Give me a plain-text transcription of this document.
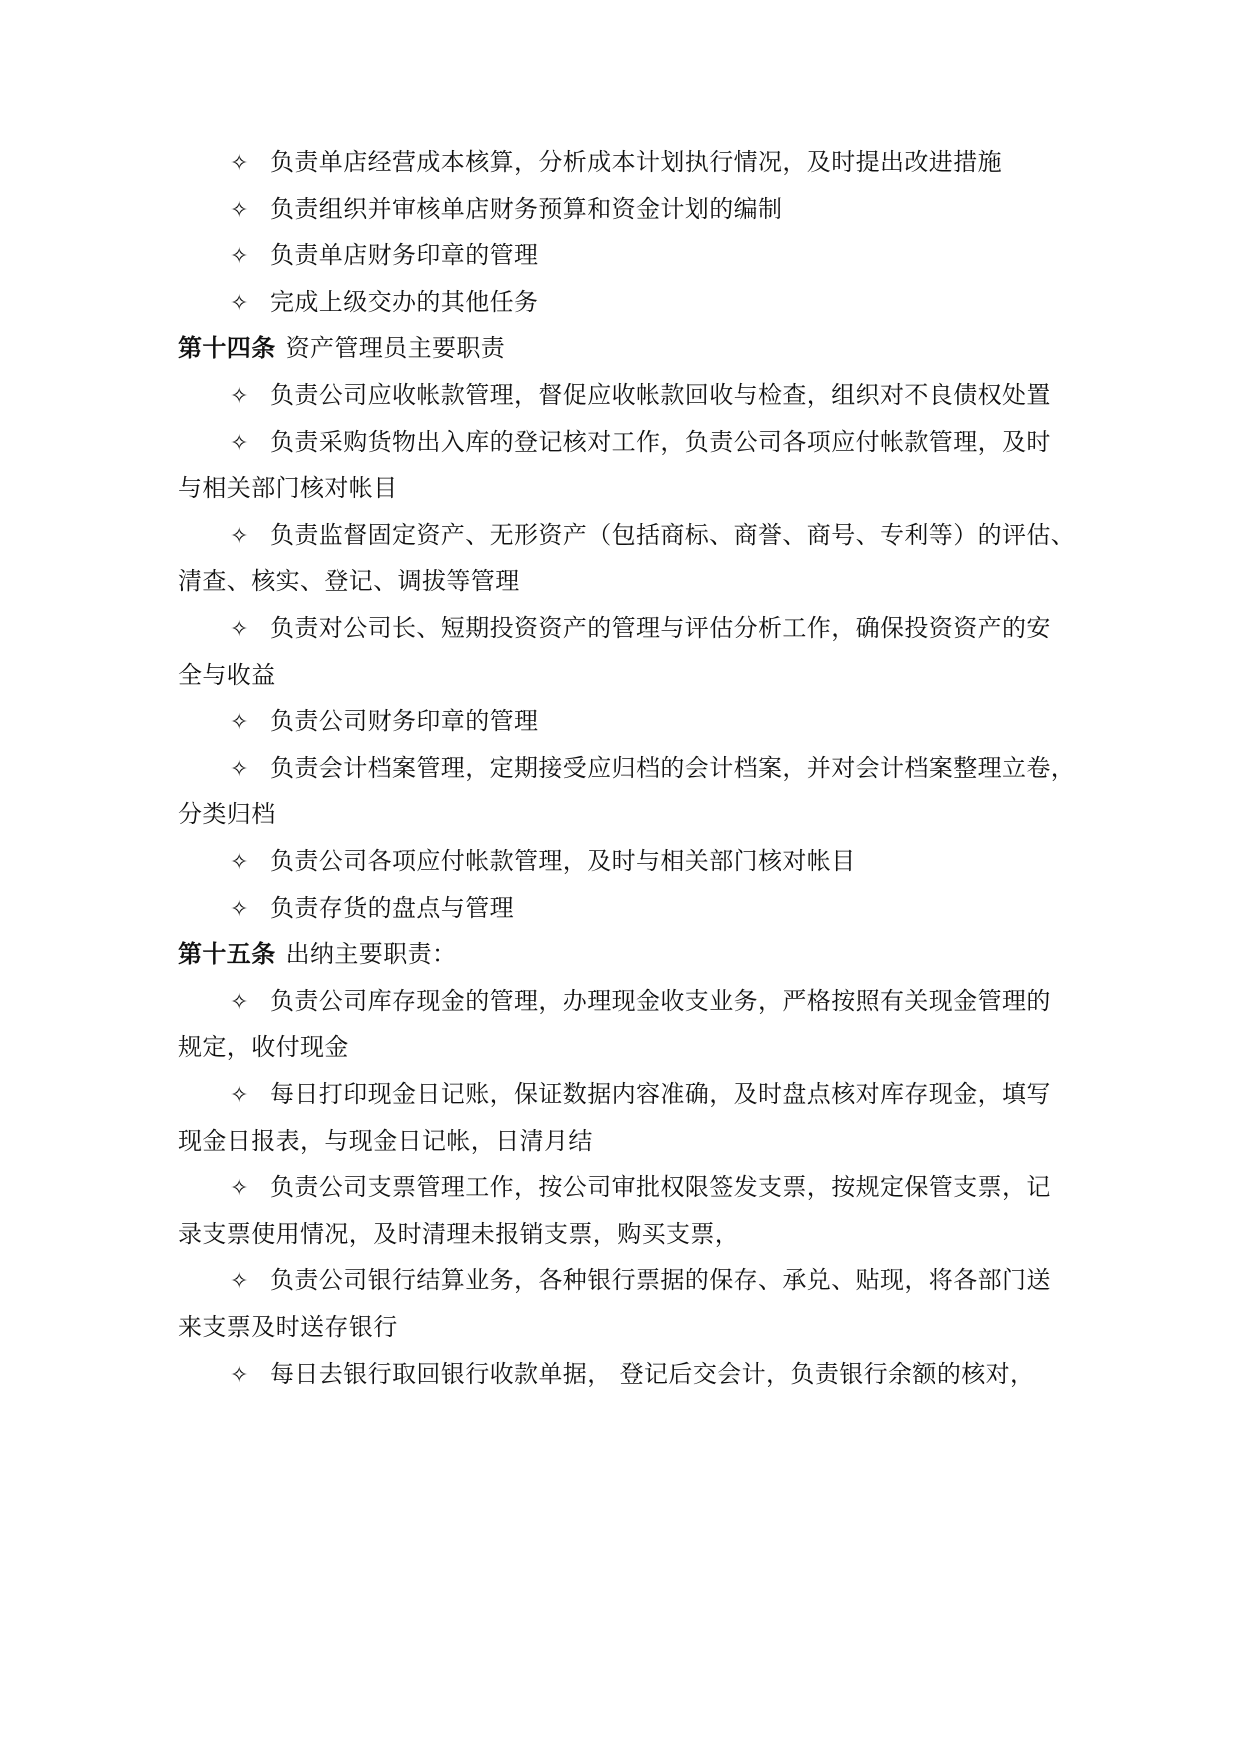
✧ 负责单店经营成本核算，分析成本计划执行情况，及时提出改进措施
✧ 负责组织并审核单店财务预算和资金计划的编制
✧ 负责单店财务印章的管理
✧ 完成上级交办的其他任务
第十四条 资产管理员主要职责
✧ 负责公司应收帐款管理，督促应收帐款回收与检查，组织对不良债权处置
✧ 负责采购货物出入库的登记核对工作，负责公司各项应付帐款管理，及时
与相关部门核对帐目
✧ 负责监督固定资产、无形资产（包括商标、商誉、商号、专利等）的评估、
清查、核实、登记、调拔等管理
✧ 负责对公司长、短期投资资产的管理与评估分析工作，确保投资资产的安
全与收益
✧ 负责公司财务印章的管理
✧ 负责会计档案管理，定期接受应归档的会计档案，并对会计档案整理立卷，
分类归档
✧ 负责公司各项应付帐款管理，及时与相关部门核对帐目
✧ 负责存货的盘点与管理
第十五条 出纳主要职责：
✧ 负责公司库存现金的管理，办理现金收支业务，严格按照有关现金管理的
规定，收付现金
✧ 每日打印现金日记账，保证数据内容准确，及时盘点核对库存现金，填写
现金日报表，与现金日记帐，日清月结
✧ 负责公司支票管理工作，按公司审批权限签发支票，按规定保管支票，记
录支票使用情况，及时清理未报销支票，购买支票，
✧ 负责公司银行结算业务，各种银行票据的保存、承兑、贴现，将各部门送
来支票及时送存银行
✧ 每日去银行取回银行收款单据， 登记后交会计，负责银行余额的核对，
